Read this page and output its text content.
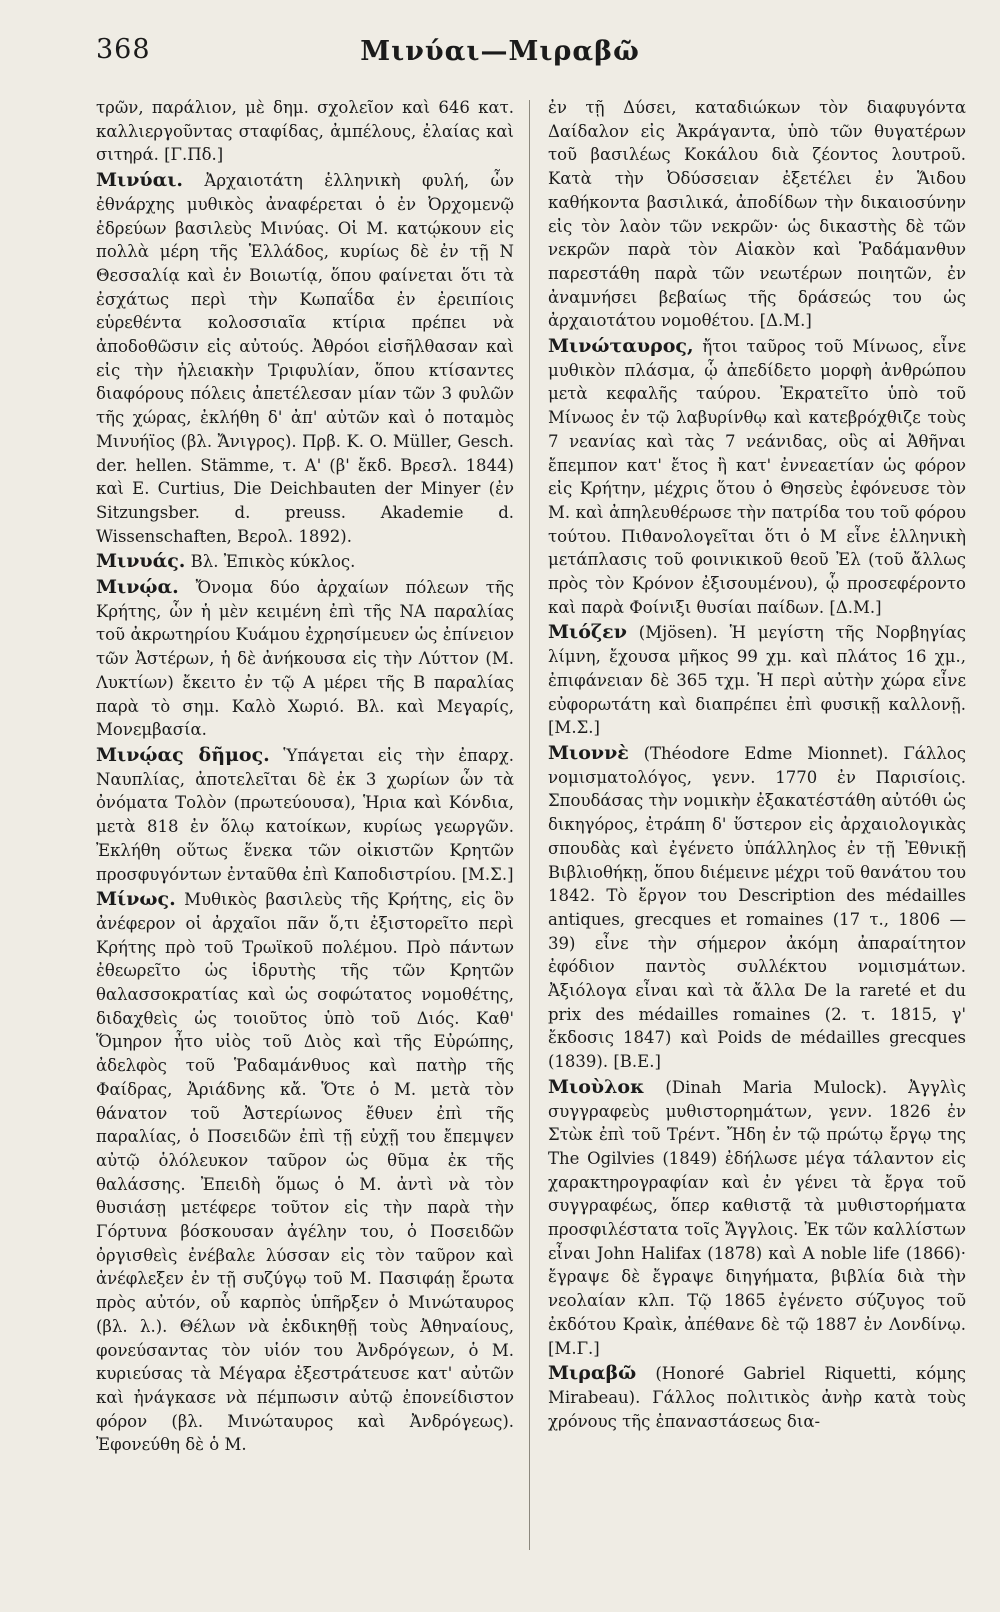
368	Μινύαι—Μιραβῶ

τρῶν, παράλιον, μὲ δημ. σχολεῖον καὶ 646 κατ. καλλιεργοῦντας σταφίδας, ἀμπέλους, ἐλαίας καὶ σιτηρά. [Γ.Πδ.]

Μινύαι. Ἀρχαιοτάτη ἑλληνικὴ φυλή, ὧν ἐθνάρχης μυθικὸς ἀναφέρεται ὁ ἐν Ὀρχομενῷ ἑδρεύων βασιλεὺς Μινύας. Οἱ Μ. κατῴκουν εἰς πολλὰ μέρη τῆς Ἑλλάδος, κυρίως δὲ ἐν τῇ Ν Θεσσαλίᾳ καὶ ἐν Βοιωτίᾳ, ὅπου φαίνεται ὅτι τὰ ἐσχάτως περὶ τὴν Κωπαΐδα ἐν ἐρειπίοις εὑρεθέντα κολοσσιαῖα κτίρια πρέπει νὰ ἀποδοθῶσιν εἰς αὐτούς. Ἀθρόοι εἰσῆλθασαν καὶ εἰς τὴν ἠλειακὴν Τριφυλίαν, ὅπου κτίσαντες διαφόρους πόλεις ἀπετέλεσαν μίαν τῶν 3 φυλῶν τῆς χώρας, ἐκλήθη δ' ἀπ' αὐτῶν καὶ ὁ ποταμὸς Μινυήϊος (βλ. Ἄνιγρος). Πρβ. K. O. Müller, Gesch. der. hellen. Stämme, τ. Α' (β' ἔκδ. Βρεσλ. 1844) καὶ E. Curtius, Die Deichbauten der Minyer (ἐν Sitzungsber. d. preuss. Akademie d. Wissenschaften, Βερολ. 1892).

Μινυάς. Βλ. Ἐπικὸς κύκλος.

Μινῴα. Ὄνομα δύο ἀρχαίων πόλεων τῆς Κρήτης, ὧν ἡ μὲν κειμένη ἐπὶ τῆς ΝΑ παραλίας τοῦ ἀκρωτηρίου Κυάμου ἐχρησίμευεν ὡς ἐπίνειον τῶν Ἀστέρων, ἡ δὲ ἀνήκουσα εἰς τὴν Λύττον (Μ. Λυκτίων) ἔκειτο ἐν τῷ Α μέρει τῆς Β παραλίας παρὰ τὸ σημ. Καλὸ Χωριό. Βλ. καὶ Μεγαρίς, Μονεμβασία.

Μινῴας δῆμος. Ὑπάγεται εἰς τὴν ἐπαρχ. Ναυπλίας, ἀποτελεῖται δὲ ἐκ 3 χωρίων ὧν τὰ ὀνόματα Τολὸν (πρωτεύουσα), Ἡρια καὶ Κόνδια, μετὰ 818 ἐν ὅλῳ κατοίκων, κυρίως γεωργῶν. Ἐκλήθη οὕτως ἕνεκα τῶν οἰκιστῶν Κρητῶν προσφυγόντων ἐνταῦθα ἐπὶ Καποδιστρίου. [Μ.Σ.]

Μίνως. Μυθικὸς βασιλεὺς τῆς Κρήτης, εἰς ὃν ἀνέφερον οἱ ἀρχαῖοι πᾶν ὅ,τι ἐξιστορεῖτο περὶ Κρήτης πρὸ τοῦ Τρωϊκοῦ πολέμου. Πρὸ πάντων ἐθεωρεῖτο ὡς ἱδρυτὴς τῆς τῶν Κρητῶν θαλασσοκρατίας καὶ ὡς σοφώτατος νομοθέτης, διδαχθεὶς ὡς τοιοῦτος ὑπὸ τοῦ Διός. Καθ' Ὅμηρον ἦτο υἱὸς τοῦ Διὸς καὶ τῆς Εὐρώπης, ἀδελφὸς τοῦ Ῥαδαμάνθυος καὶ πατὴρ τῆς Φαίδρας, Ἀριάδνης κἄ. Ὅτε ὁ Μ. μετὰ τὸν θάνατον τοῦ Ἀστερίωνος ἔθυεν ἐπὶ τῆς παραλίας, ὁ Ποσειδῶν ἐπὶ τῇ εὐχῇ του ἔπεμψεν αὐτῷ ὁλόλευκον ταῦρον ὡς θῦμα ἐκ τῆς θαλάσσης. Ἐπειδὴ ὅμως ὁ Μ. ἀντὶ νὰ τὸν θυσιάσῃ μετέφερε τοῦτον εἰς τὴν παρὰ τὴν Γόρτυνα βόσκουσαν ἀγέλην του, ὁ Ποσειδῶν ὀργισθεὶς ἐνέβαλε λύσσαν εἰς τὸν ταῦρον καὶ ἀνέφλεξεν ἐν τῇ συζύγῳ τοῦ Μ. Πασιφάῃ ἔρωτα πρὸς αὐτόν, οὗ καρπὸς ὑπῆρξεν ὁ Μινώταυρος (βλ. λ.). Θέλων νὰ ἐκδικηθῇ τοὺς Ἀθηναίους, φονεύσαντας τὸν υἱόν του Ἀνδρόγεων, ὁ Μ. κυριεύσας τὰ Μέγαρα ἐξεστράτευσε κατ' αὐτῶν καὶ ἠνάγκασε νὰ πέμπωσιν αὐτῷ ἐπονείδιστον φόρον (βλ. Μινώταυρος καὶ Ἀνδρόγεως). Ἐφονεύθη δὲ ὁ Μ.

ἐν τῇ Δύσει, καταδιώκων τὸν διαφυγόντα Δαίδαλον εἰς Ἀκράγαντα, ὑπὸ τῶν θυγατέρων τοῦ βασιλέως Κοκάλου διὰ ζέοντος λουτροῦ. Κατὰ τὴν Ὀδύσσειαν ἐξετέλει ἐν Ἅιδου καθήκοντα βασιλικά, ἀποδίδων τὴν δικαιοσύνην εἰς τὸν λαὸν τῶν νεκρῶν· ὡς δικαστὴς δὲ τῶν νεκρῶν παρὰ τὸν Αἰακὸν καὶ Ῥαδάμανθυν παρεστάθη παρὰ τῶν νεωτέρων ποιητῶν, ἐν ἀναμνήσει βεβαίως τῆς δράσεώς του ὡς ἀρχαιοτάτου νομοθέτου. [Δ.Μ.]

Μινώταυρος, ἤτοι ταῦρος τοῦ Μίνωος, εἶνε μυθικὸν πλάσμα, ᾧ ἀπεδίδετο μορφὴ ἀνθρώπου μετὰ κεφαλῆς ταύρου. Ἐκρατεῖτο ὑπὸ τοῦ Μίνωος ἐν τῷ λαβυρίνθῳ καὶ κατεβρόχθιζε τοὺς 7 νεανίας καὶ τὰς 7 νεάνιδας, οὓς αἱ Ἀθῆναι ἔπεμπον κατ' ἔτος ἢ κατ' ἐννεαετίαν ὡς φόρον εἰς Κρήτην, μέχρις ὅτου ὁ Θησεὺς ἐφόνευσε τὸν Μ. καὶ ἀπηλευθέρωσε τὴν πατρίδα του τοῦ φόρου τούτου. Πιθανολογεῖται ὅτι ὁ Μ εἶνε ἑλληνικὴ μετάπλασις τοῦ φοινικικοῦ θεοῦ Ἐλ (τοῦ ἄλλως πρὸς τὸν Κρόνον ἐξισουμένου), ᾧ προσεφέροντο καὶ παρὰ Φοίνιξι θυσίαι παίδων. [Δ.Μ.]

Μιόζεν (Mjösen). Ἡ μεγίστη τῆς Νορβηγίας λίμνη, ἔχουσα μῆκος 99 χμ. καὶ πλάτος 16 χμ., ἐπιφάνειαν δὲ 365 τχμ. Ἡ περὶ αὐτὴν χώρα εἶνε εὐφορωτάτη καὶ διαπρέπει ἐπὶ φυσικῇ καλλονῇ. [Μ.Σ.]

Μιοννὲ (Théodore Edme Mionnet). Γάλλος νομισματολόγος, γενν. 1770 ἐν Παρισίοις. Σπουδάσας τὴν νομικὴν ἐξακατέστάθη αὐτόθι ὡς δικηγόρος, ἐτράπη δ' ὕστερον εἰς ἀρχαιολογικὰς σπουδὰς καὶ ἐγένετο ὑπάλληλος ἐν τῇ Ἐθνικῇ Βιβλιοθήκῃ, ὅπου διέμεινε μέχρι τοῦ θανάτου του 1842. Τὸ ἔργον του Description des médailles antiques, grecques et romaines (17 τ., 1806 — 39) εἶνε τὴν σήμερον ἀκόμη ἀπαραίτητον ἐφόδιον παντὸς συλλέκτου νομισμάτων. Ἀξιόλογα εἶναι καὶ τὰ ἄλλα De la rareté et du prix des médailles romaines (2. τ. 1815, γ' ἔκδοσις 1847) καὶ Poids de médailles grecques (1839). [Β.Ε.]

Μιοὺλοκ (Dinah Maria Mulock). Ἀγγλὶς συγγραφεὺς μυθιστορημάτων, γενν. 1826 ἐν Στὼκ ἐπὶ τοῦ Τρέντ. Ἤδη ἐν τῷ πρώτῳ ἔργῳ της The Ogilvies (1849) ἐδήλωσε μέγα τάλαντον εἰς χαρακτηρογραφίαν καὶ ἐν γένει τὰ ἔργα τοῦ συγγραφέως, ὅπερ καθιστᾷ τὰ μυθιστορήματα προσφιλέστατα τοῖς Ἄγγλοις. Ἐκ τῶν καλλίστων εἶναι John Halifax (1878) καὶ A noble life (1866)· ἔγραψε δὲ ἔγραψε διηγήματα, βιβλία διὰ τὴν νεολαίαν κλπ. Τῷ 1865 ἐγένετο σύζυγος τοῦ ἐκδότου Κραὶκ, ἀπέθανε δὲ τῷ 1887 ἐν Λονδίνῳ. [Μ.Γ.]

Μιραβῶ (Honoré Gabriel Riquetti, κόμης Mirabeau). Γάλλος πολιτικὸς ἀνὴρ κατὰ τοὺς χρόνους τῆς ἐπαναστάσεως δια-
